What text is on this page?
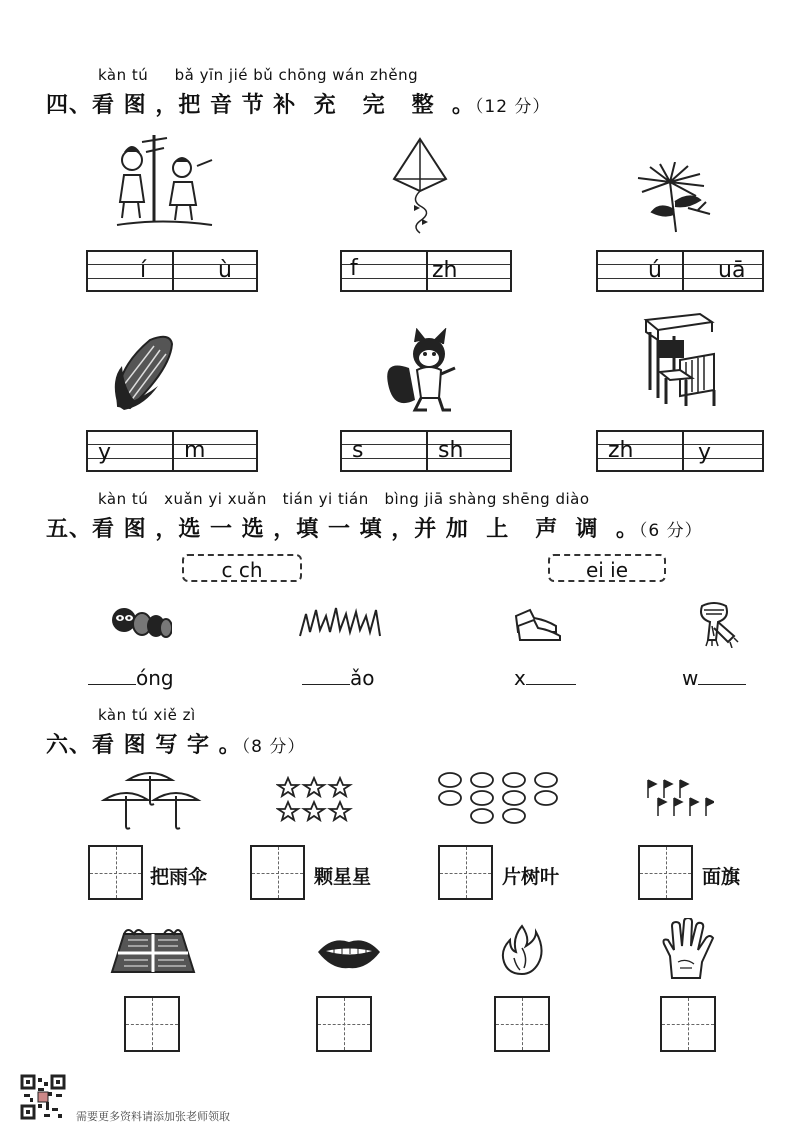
kàn tú     bǎ yīn jié bǔ chōng wán zhěng
四、看 图 ，把 音 节 补  充   完   整  。（12 分）
í	ù	f	zh	ú	uā
y	m	s	sh	zh	y
kàn tú   xuǎn yi xuǎn   tián yi tián   bìng jiā shàng shēng diào
五、看 图 ，选 一 选 ，填 一 填 ，并 加  上   声  调  。（6 分）
c ch	ei ie
óng	ǎo	x	w
kàn tú xiě zì
六、看 图 写 字 。（8 分）
把雨伞	颗星星	片树叶	面旗
需要更多资料请添加张老师领取
